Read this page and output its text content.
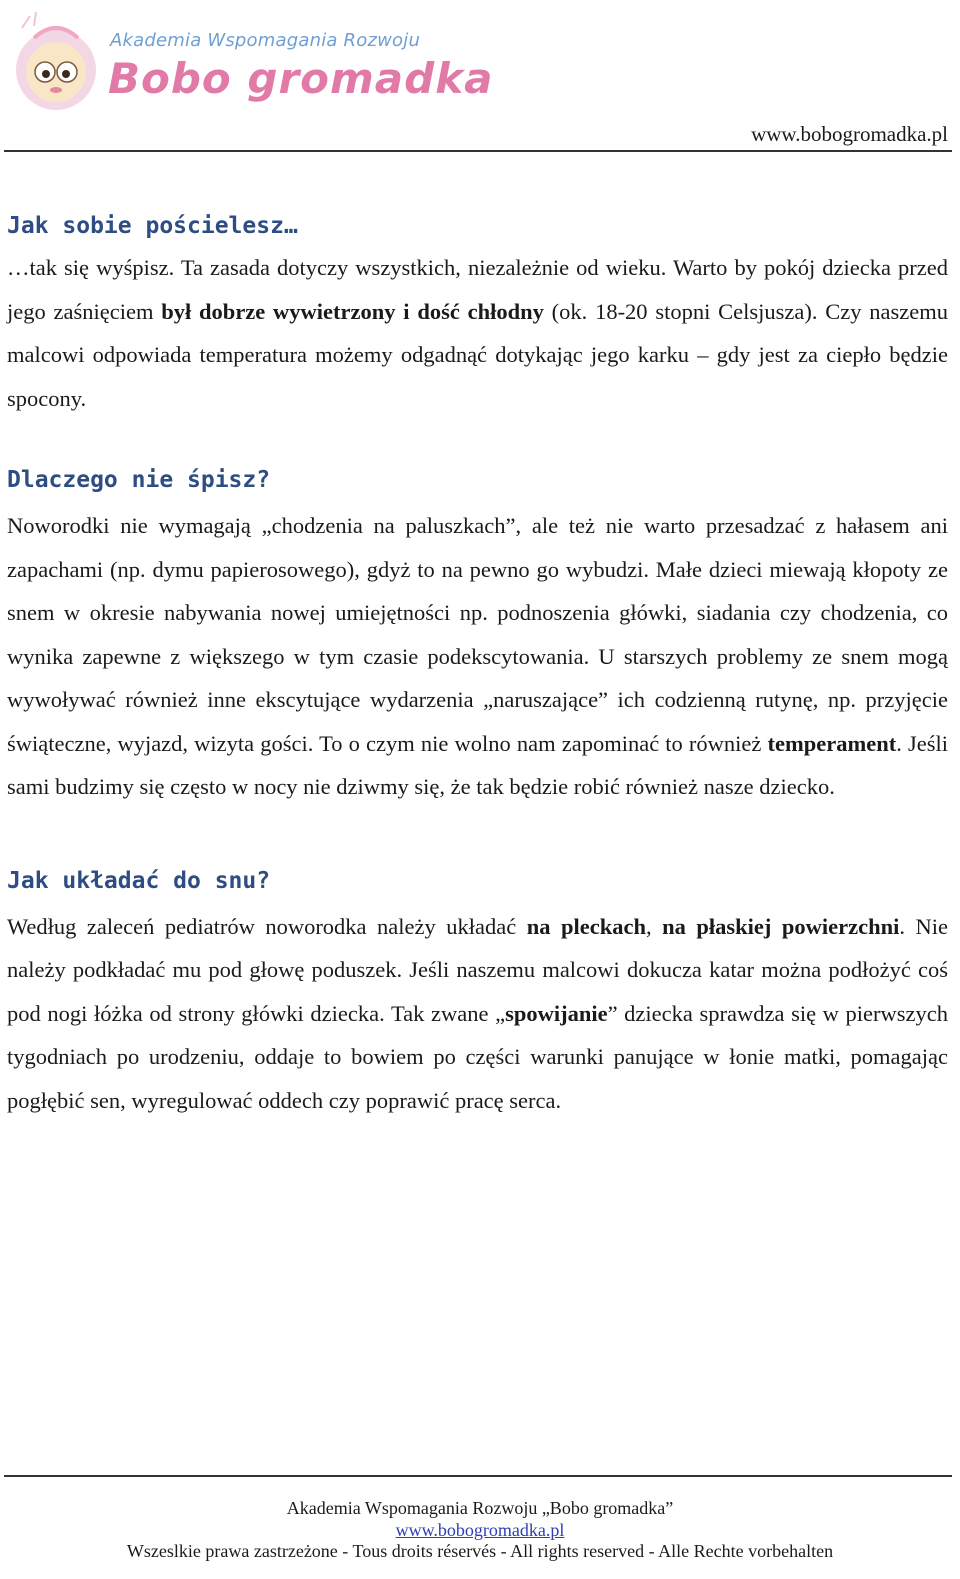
Akademia Wspomagania Rozwoju
Bobo gromadka
www.bobogromadka.pl
Jak sobie pościelesz…

…tak się wyśpisz. Ta zasada dotyczy wszystkich, niezależnie od wieku. Warto by pokój dziecka przed jego zaśnięciem był dobrze wywietrzony i dość chłodny (ok. 18-20 stopni Celsjusza). Czy naszemu malcowi odpowiada temperatura możemy odgadnąć dotykając jego karku – gdy jest za ciepło będzie spocony.

Dlaczego nie śpisz?

Noworodki nie wymagają „chodzenia na paluszkach”, ale też nie warto przesadzać z hałasem ani zapachami (np. dymu papierosowego), gdyż to na pewno go wybudzi. Małe dzieci miewają kłopoty ze snem w okresie nabywania nowej umiejętności np. podnoszenia główki, siadania czy chodzenia, co wynika zapewne z większego w tym czasie podekscytowania. U starszych problemy ze snem mogą wywoływać również inne ekscytujące wydarzenia „naruszające” ich codzienną rutynę, np. przyjęcie świąteczne, wyjazd, wizyta gości. To o czym nie wolno nam zapominać to również temperament. Jeśli sami budzimy się często w nocy nie dziwmy się, że tak będzie robić również nasze dziecko.

Jak układać do snu?

Według zaleceń pediatrów noworodka należy układać na pleckach, na płaskiej powierzchni. Nie należy podkładać mu pod głowę poduszek. Jeśli naszemu malcowi dokucza katar można podłożyć coś pod nogi łóżka od strony główki dziecka. Tak zwane „spowijanie” dziecka sprawdza się w pierwszych tygodniach po urodzeniu, oddaje to bowiem po części warunki panujące w łonie matki, pomagając pogłębić sen, wyregulować oddech czy poprawić pracę serca.

Akademia Wspomagania Rozwoju „Bobo gromadka”
www.bobogromadka.pl
Wszeslkie prawa zastrzeżone - Tous droits réservés - All rights reserved - Alle Rechte vorbehalten
